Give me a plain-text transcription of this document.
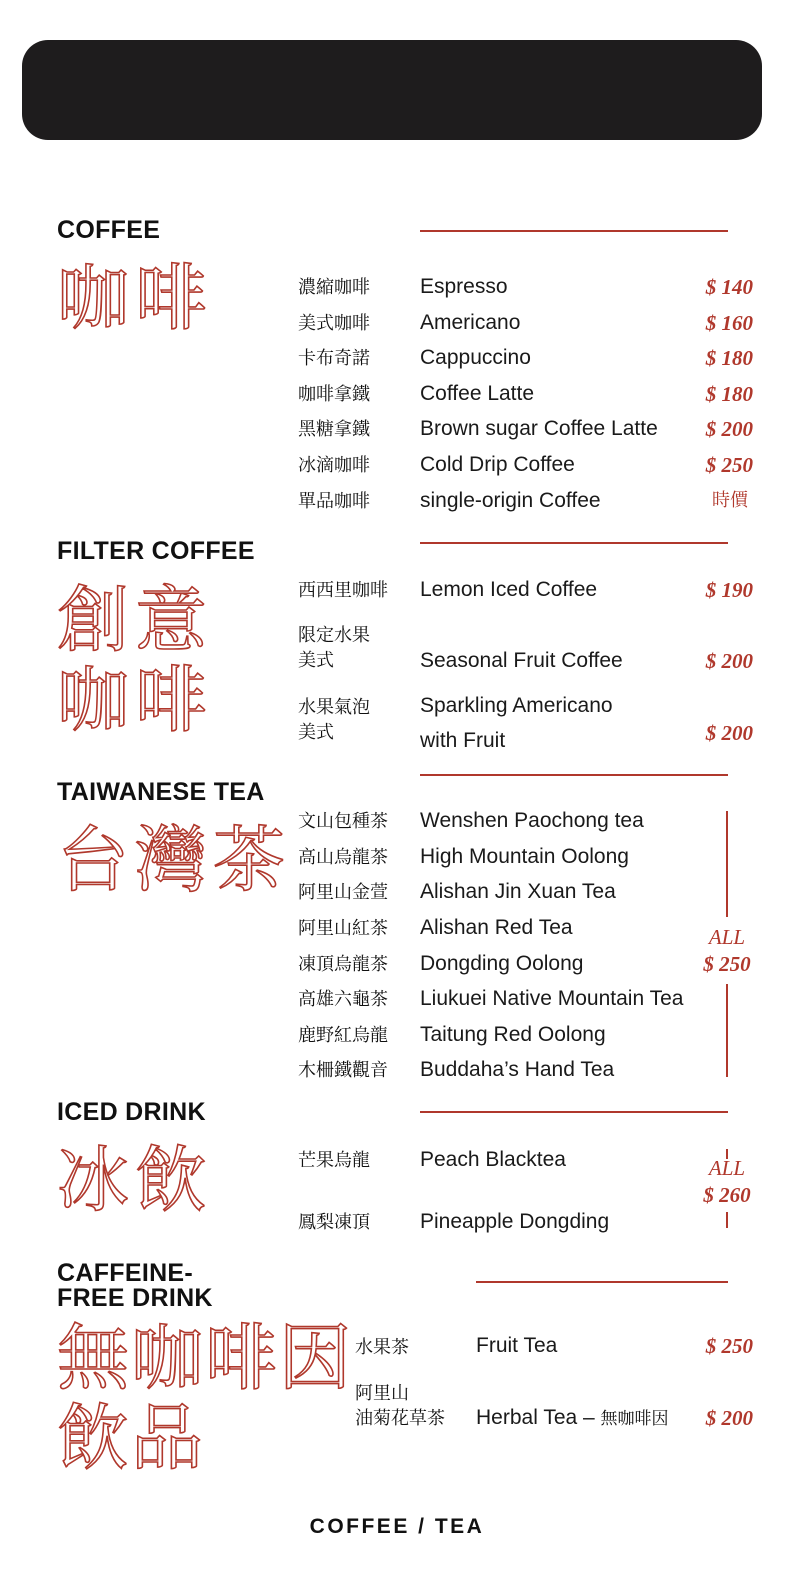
COFFEE
咖啡	濃縮咖啡 Espresso	$ 140
美式咖啡 Americano	$ 160
卡布奇諾 Cappuccino	$ 180
咖啡拿鐵 Coffee Latte	$ 180
黑糖拿鐵 Brown sugar Coffee Latte	$ 200
冰滴咖啡 Cold Drip Coffee	$ 250
單品咖啡 single-origin Coffee	時價
FILTER COFFEE
創意
咖啡
西西里咖啡 Lemon Iced Coffee	$ 190
限定水果
美式	Seasonal Fruit Coffee	$ 200
水果氣泡
美式
Sparkling Americano
with Fruit	$ 200
TAIWANESE TEA
台灣茶 文山包種茶 Wenshen Paochong tea
高山烏龍茶 High Mountain Oolong
阿里山金萱 Alishan Jin Xuan Tea
阿里山紅茶 Alishan Red Tea
凍頂烏龍茶 Dongding Oolong
高雄六龜茶 Liukuei Native Mountain Tea
鹿野紅烏龍 Taitung Red Oolong
木柵鐵觀音 Buddaha’s Hand Tea
ALL
$ 250
ICED DRINK
冰飲	芒果烏龍 Peach Blacktea
鳳梨凍頂 Pineapple Dongding
ALL
$ 260
CAFFEINE-
FREE DRINK
無咖啡因
飲品
水果茶	Fruit Tea	$ 250
阿里山
油菊花草茶 Herbal Tea – 無咖啡因	$ 200
COFFEE / TEA
